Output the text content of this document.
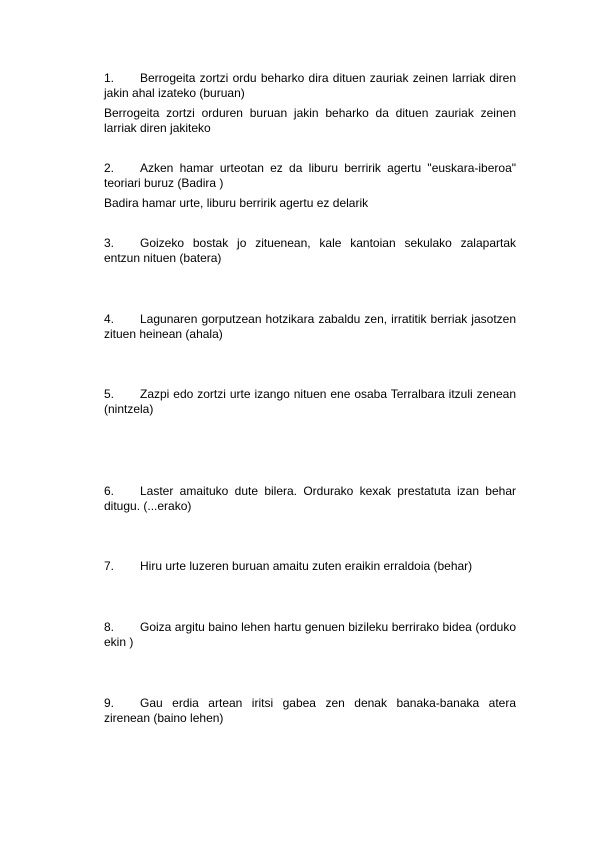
1. Berrogeita zortzi ordu beharko dira dituen zauriak zeinen larriak diren jakin ahal izateko (buruan)

Berrogeita zortzi orduren buruan jakin beharko da dituen zauriak zeinen larriak diren jakiteko

2. Azken hamar urteotan ez da liburu berririk agertu "euskara-iberoa" teoriari buruz (Badira )

Badira hamar urte, liburu berririk agertu ez delarik

3. Goizeko bostak jo zituenean, kale kantoian sekulako zalapartak entzun nituen (batera)

4. Lagunaren gorputzean hotzikara zabaldu zen, irratitik berriak jasotzen zituen heinean (ahala)

5. Zazpi edo zortzi urte izango nituen ene osaba Terralbara itzuli zenean (nintzela)

6. Laster amaituko dute bilera. Ordurako kexak prestatuta izan behar ditugu. (...erako)

7. Hiru urte luzeren buruan amaitu zuten eraikin erraldoia (behar)

8. Goiza argitu baino lehen hartu genuen bizileku berrirako bidea (orduko ekin )

9. Gau erdia artean iritsi gabea zen denak banaka-banaka atera zirenean (baino lehen)
